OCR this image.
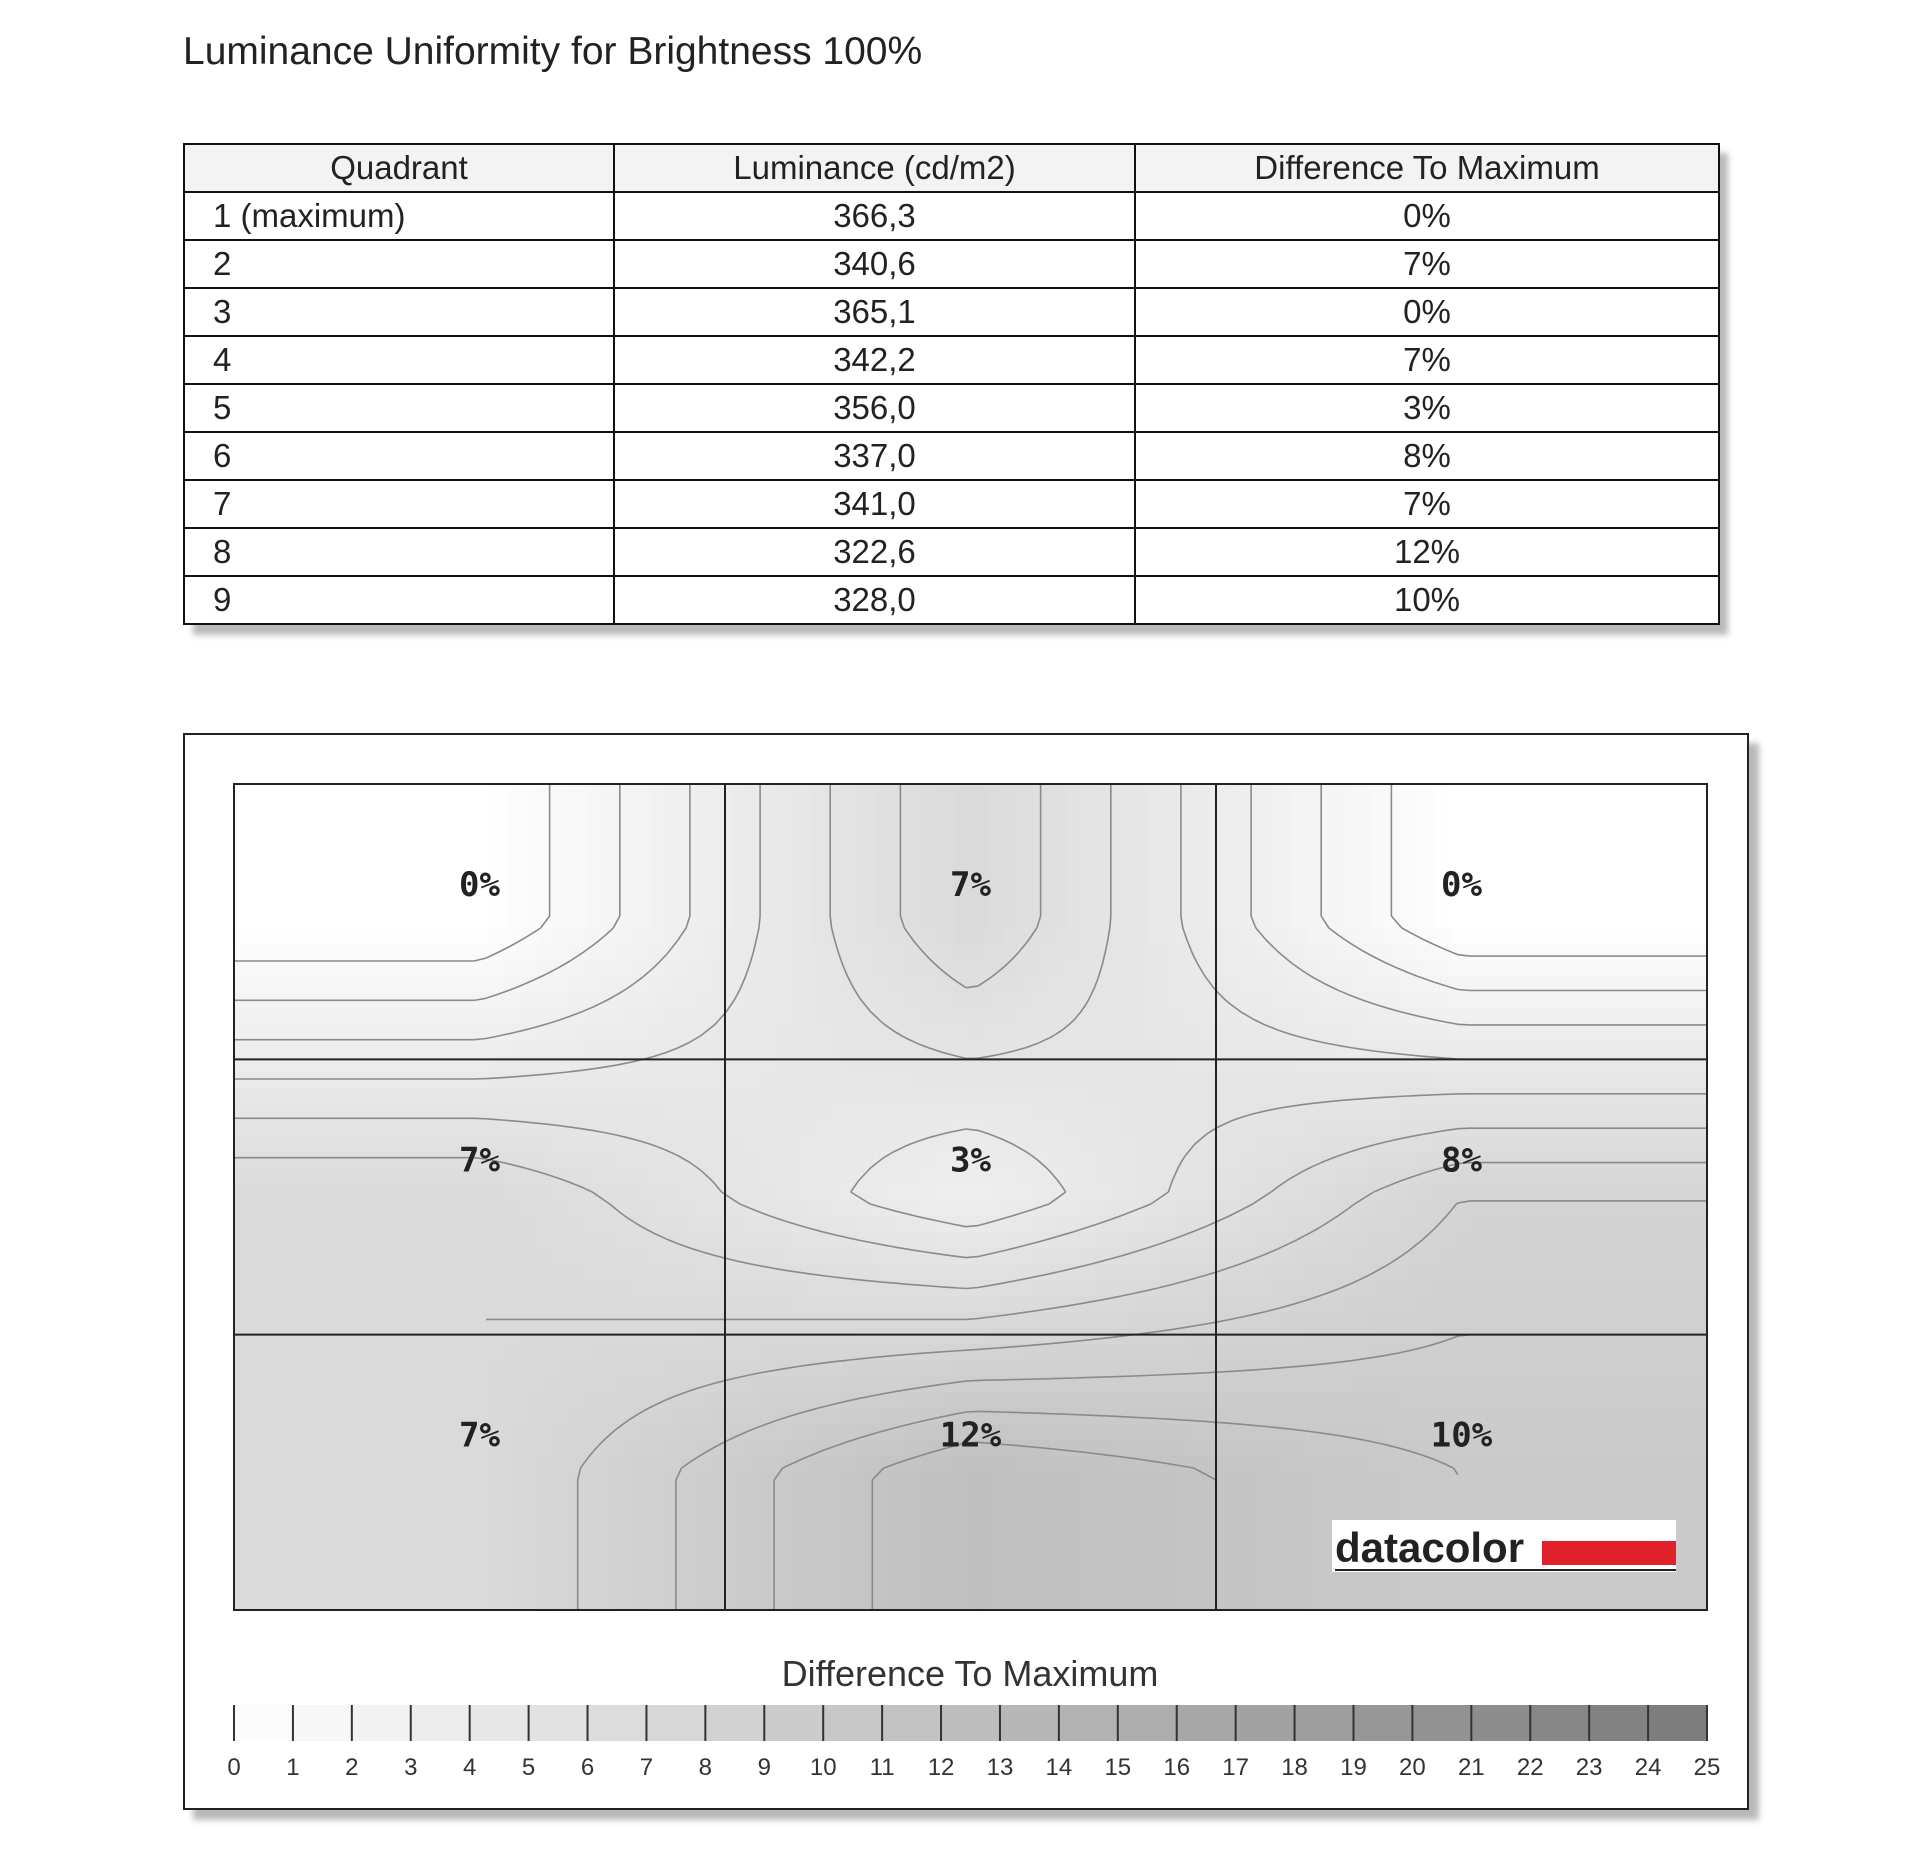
Luminance Uniformity for Brightness 100%
Quadrant	Luminance (cd/m2)	Difference To Maximum
1 (maximum)	366,3	0%
2	340,6	7%
3	365,1	0%
4	342,2	7%
5	356,0	3%
6	337,0	8%
7	341,0	7%
8	322,6	12%
9	328,0	10%
0%	7%	0%
7%	3%	8%
7%	12%	10%
datacolor
Difference To Maximum
0 1 2 3 4 5 6 7 8 9 10 11 12 13 14 15 16 17 18 19 20 21 22 23 24 25
